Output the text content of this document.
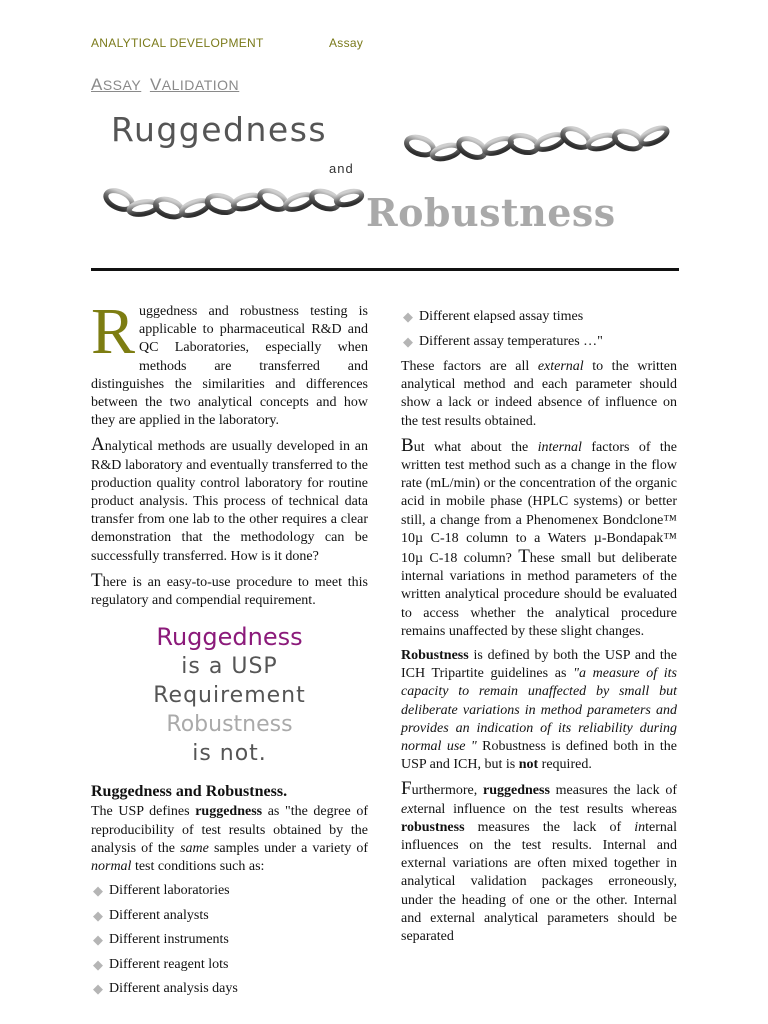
ANALYTICAL DEVELOPMENT	Assay
ASSAY VALIDATION
Ruggedness
and
Robustness

Ruggedness and robustness testing is applicable to pharmaceutical R&D and QC Laboratories, especially when methods are transferred and distinguishes the similarities and differences between the two analytical concepts and how they are applied in the laboratory.

Analytical methods are usually developed in an R&D laboratory and eventually transferred to the production quality control laboratory for routine product analysis. This process of technical data transfer from one lab to the other requires a clear demonstration that the methodology can be successfully transferred. How is it done?

There is an easy-to-use procedure to meet this regulatory and compendial requirement.

Ruggedness
is a USP
Requirement
Robustness
is not.
Ruggedness and Robustness.

The USP defines ruggedness as "the degree of reproducibility of test results obtained by the analysis of the same samples under a variety of normal test conditions such as:

◆ Different laboratories
◆ Different analysts
◆ Different instruments
◆ Different reagent lots
◆ Different analysis days
◆ Different elapsed assay times
◆ Different assay temperatures …"

These factors are all external to the written analytical method and each parameter should show a lack or indeed absence of influence on the test results obtained.

But what about the internal factors of the written test method such as a change in the flow rate (mL/min) or the concentration of the organic acid in mobile phase (HPLC systems) or better still, a change from a Phenomenex Bondclone™ 10µ C-18 column to a Waters µ-Bondapak™ 10µ C-18 column? These small but deliberate internal variations in method parameters of the written analytical procedure should be evaluated to access whether the analytical procedure remains unaffected by these slight changes.

Robustness is defined by both the USP and the ICH Tripartite guidelines as "a measure of its capacity to remain unaffected by small but deliberate variations in method parameters and provides an indication of its reliability during normal use " Robustness is defined both in the USP and ICH, but is not required.

Furthermore, ruggedness measures the lack of external influence on the test results whereas robustness measures the lack of internal influences on the test results. Internal and external variations are often mixed together in analytical validation packages erroneously, under the heading of one or the other. Internal and external analytical parameters should be separated
